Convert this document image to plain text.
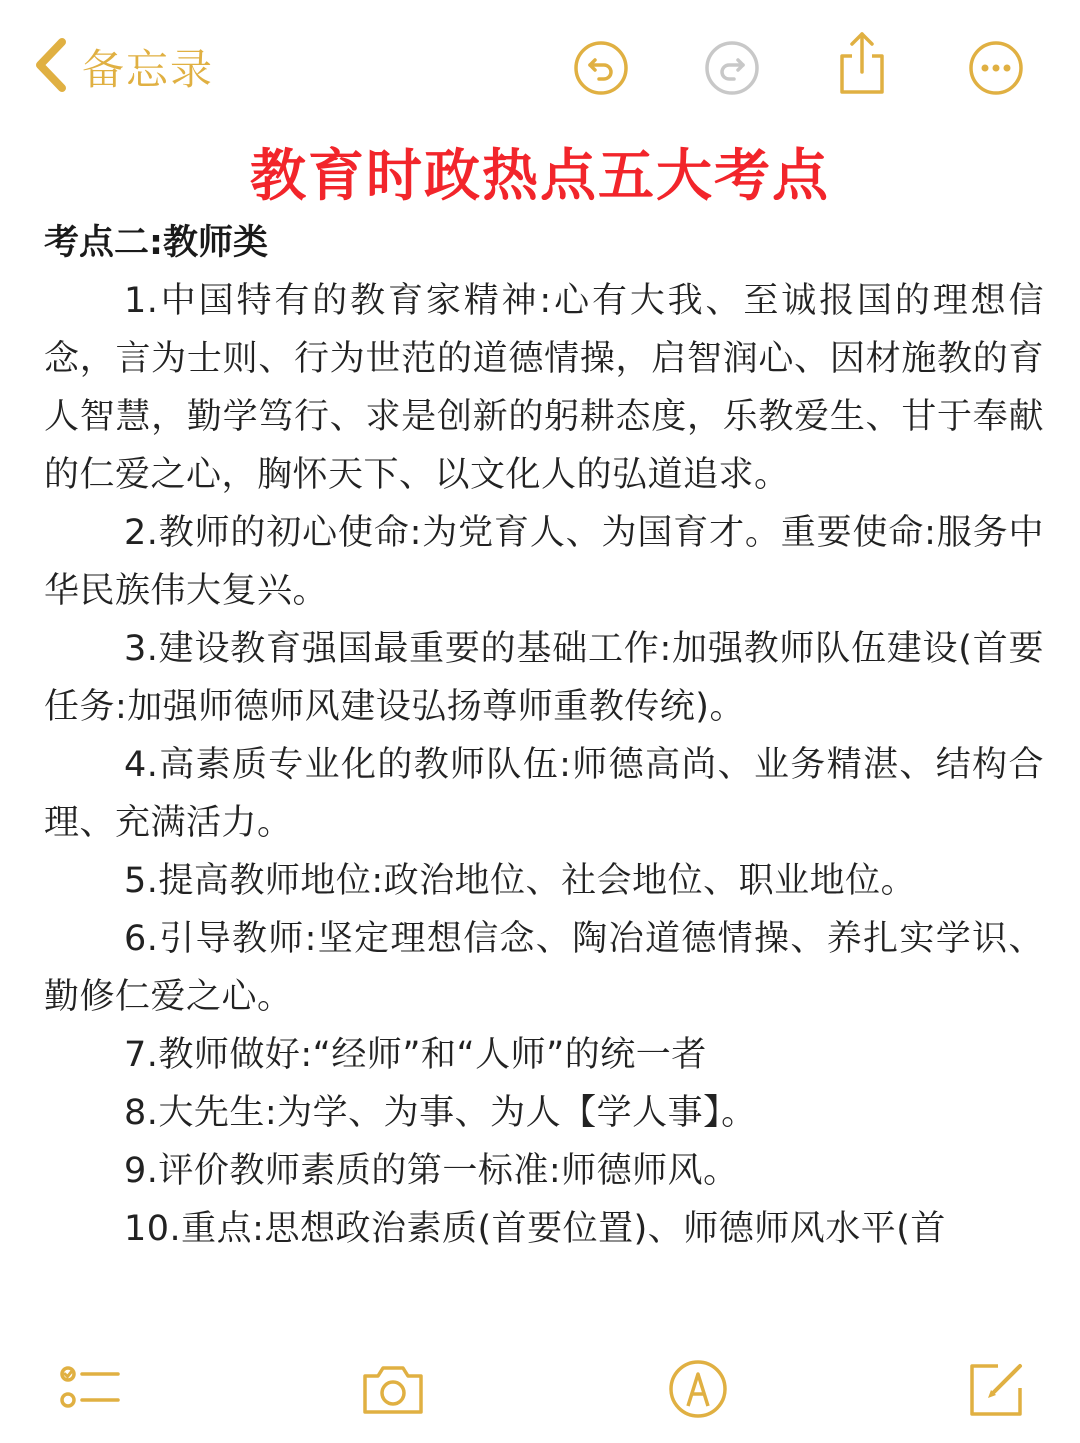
备忘录
教育时政热点五大考点
考点二:教师类

1.中国特有的教育家精神:心有大我、至诚报国的理想信念，言为士则、行为世范的道德情操，启智润心、因材施教的育人智慧，勤学笃行、求是创新的躬耕态度，乐教爱生、甘于奉献的仁爱之心，胸怀天下、以文化人的弘道追求。

2.教师的初心使命:为党育人、为国育才。重要使命:服务中华民族伟大复兴。

3.建设教育强国最重要的基础工作:加强教师队伍建设(首要任务:加强师德师风建设弘扬尊师重教传统)。

4.高素质专业化的教师队伍:师德高尚、业务精湛、结构合理、充满活力。

5.提高教师地位:政治地位、社会地位、职业地位。

6.引导教师:坚定理想信念、陶冶道德情操、养扎实学识、勤修仁爱之心。

7.教师做好:“经师”和“人师”的统一者

8.大先生:为学、为事、为人【学人事】。

9.评价教师素质的第一标准:师德师风。

10.重点:思想政治素质(首要位置)、师德师风水平(首
